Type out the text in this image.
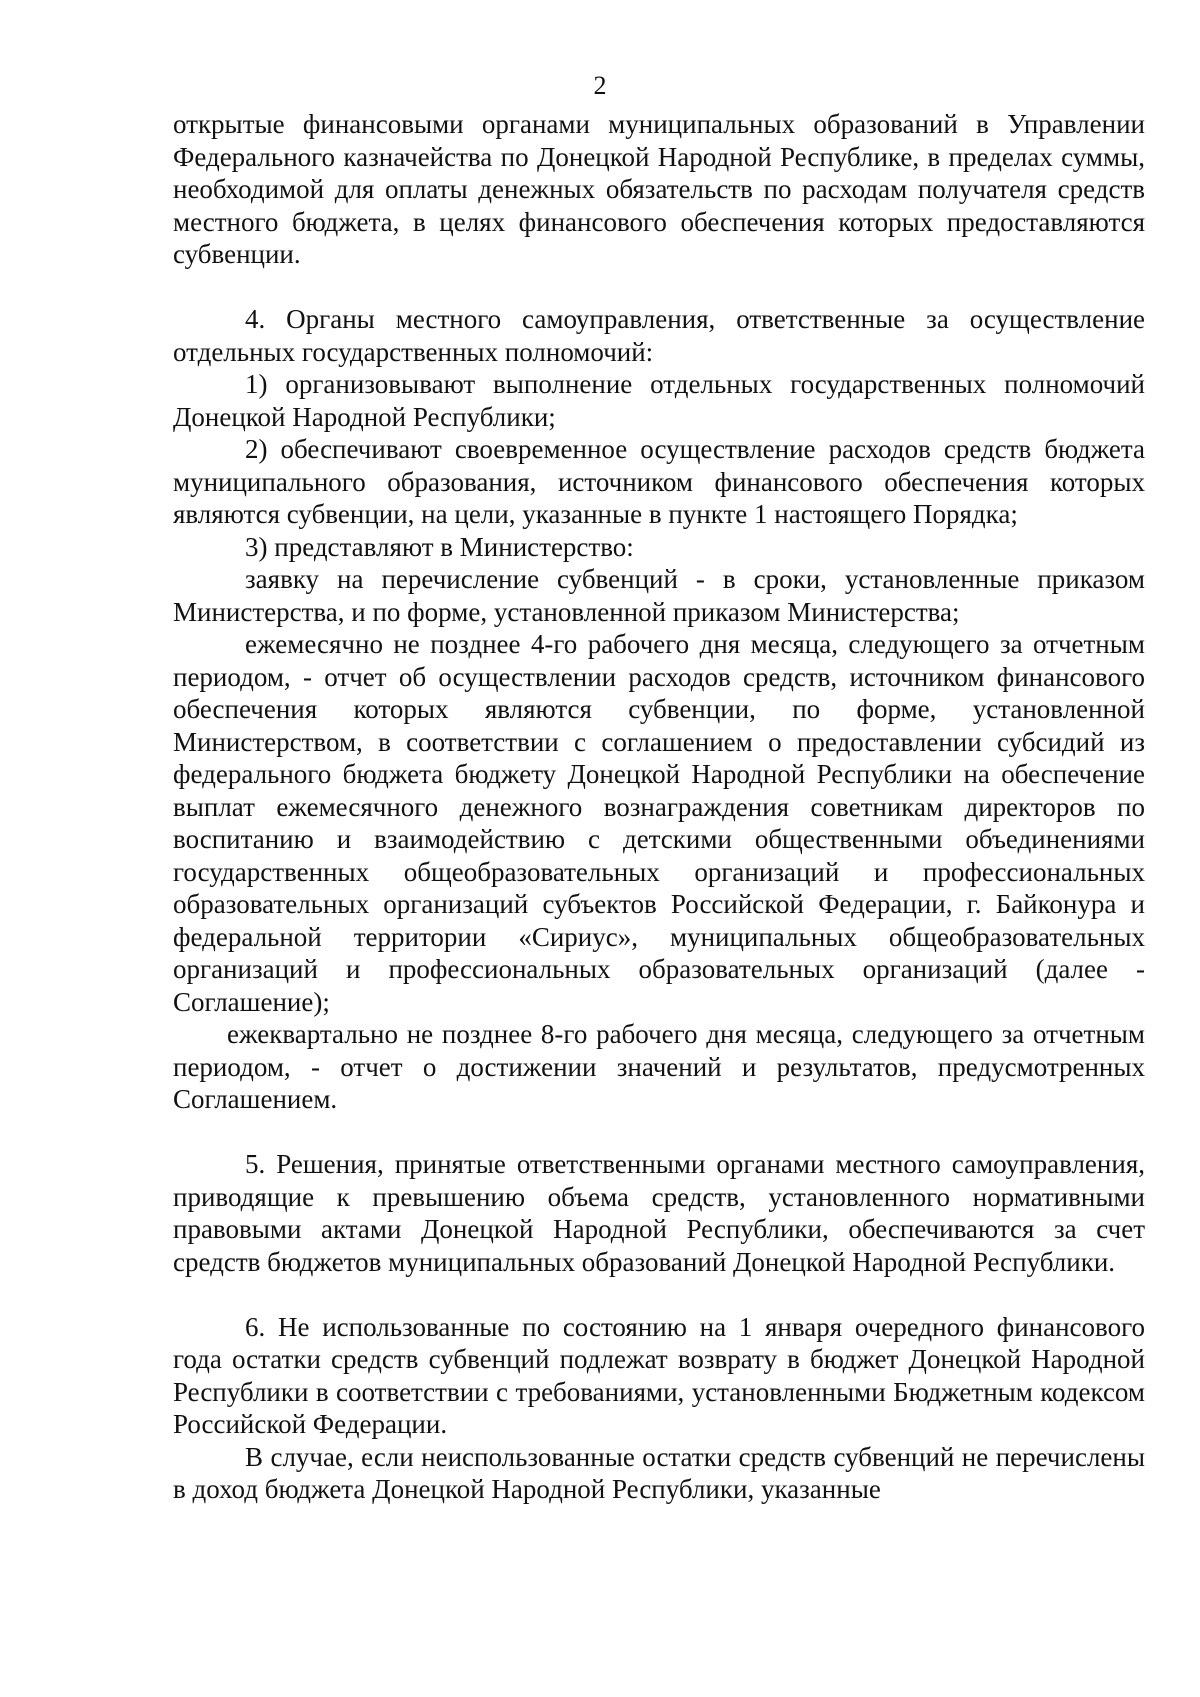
2

открытые финансовыми органами муниципальных образований в Управлении Федерального казначейства по Донецкой Народной Республике, в пределах суммы, необходимой для оплаты денежных обязательств по расходам получателя средств местного бюджета, в целях финансового обеспечения которых предоставляются субвенции.

4. Органы местного самоуправления, ответственные за осуществление отдельных государственных полномочий:

1) организовывают выполнение отдельных государственных полномочий Донецкой Народной Республики;

2) обеспечивают своевременное осуществление расходов средств бюджета муниципального образования, источником финансового обеспечения которых являются субвенции, на цели, указанные в пункте 1 настоящего Порядка;

3) представляют в Министерство:

заявку на перечисление субвенций - в сроки, установленные приказом Министерства, и по форме, установленной приказом Министерства;

ежемесячно не позднее 4-го рабочего дня месяца, следующего за отчетным периодом, - отчет об осуществлении расходов средств, источником финансового обеспечения которых являются субвенции, по форме, установленной Министерством, в соответствии с соглашением о предоставлении субсидий из федерального бюджета бюджету Донецкой Народной Республики на обеспечение выплат ежемесячного денежного вознаграждения советникам директоров по воспитанию и взаимодействию с детскими общественными объединениями государственных общеобразовательных организаций и профессиональных образовательных организаций субъектов Российской Федерации, г. Байконура и федеральной территории «Сириус», муниципальных общеобразовательных организаций и профессиональных образовательных организаций (далее - Соглашение);

ежеквартально не позднее 8-го рабочего дня месяца, следующего за отчетным периодом, - отчет о достижении значений и результатов, предусмотренных Соглашением.

5. Решения, принятые ответственными органами местного самоуправления, приводящие к превышению объема средств, установленного нормативными правовыми актами Донецкой Народной Республики, обеспечиваются за счет средств бюджетов муниципальных образований Донецкой Народной Республики.

6. Не использованные по состоянию на 1 января очередного финансового года остатки средств субвенций подлежат возврату в бюджет Донецкой Народной Республики в соответствии с требованиями, установленными Бюджетным кодексом Российской Федерации.

В случае, если неиспользованные остатки средств субвенций не перечислены в доход бюджета Донецкой Народной Республики, указанные
